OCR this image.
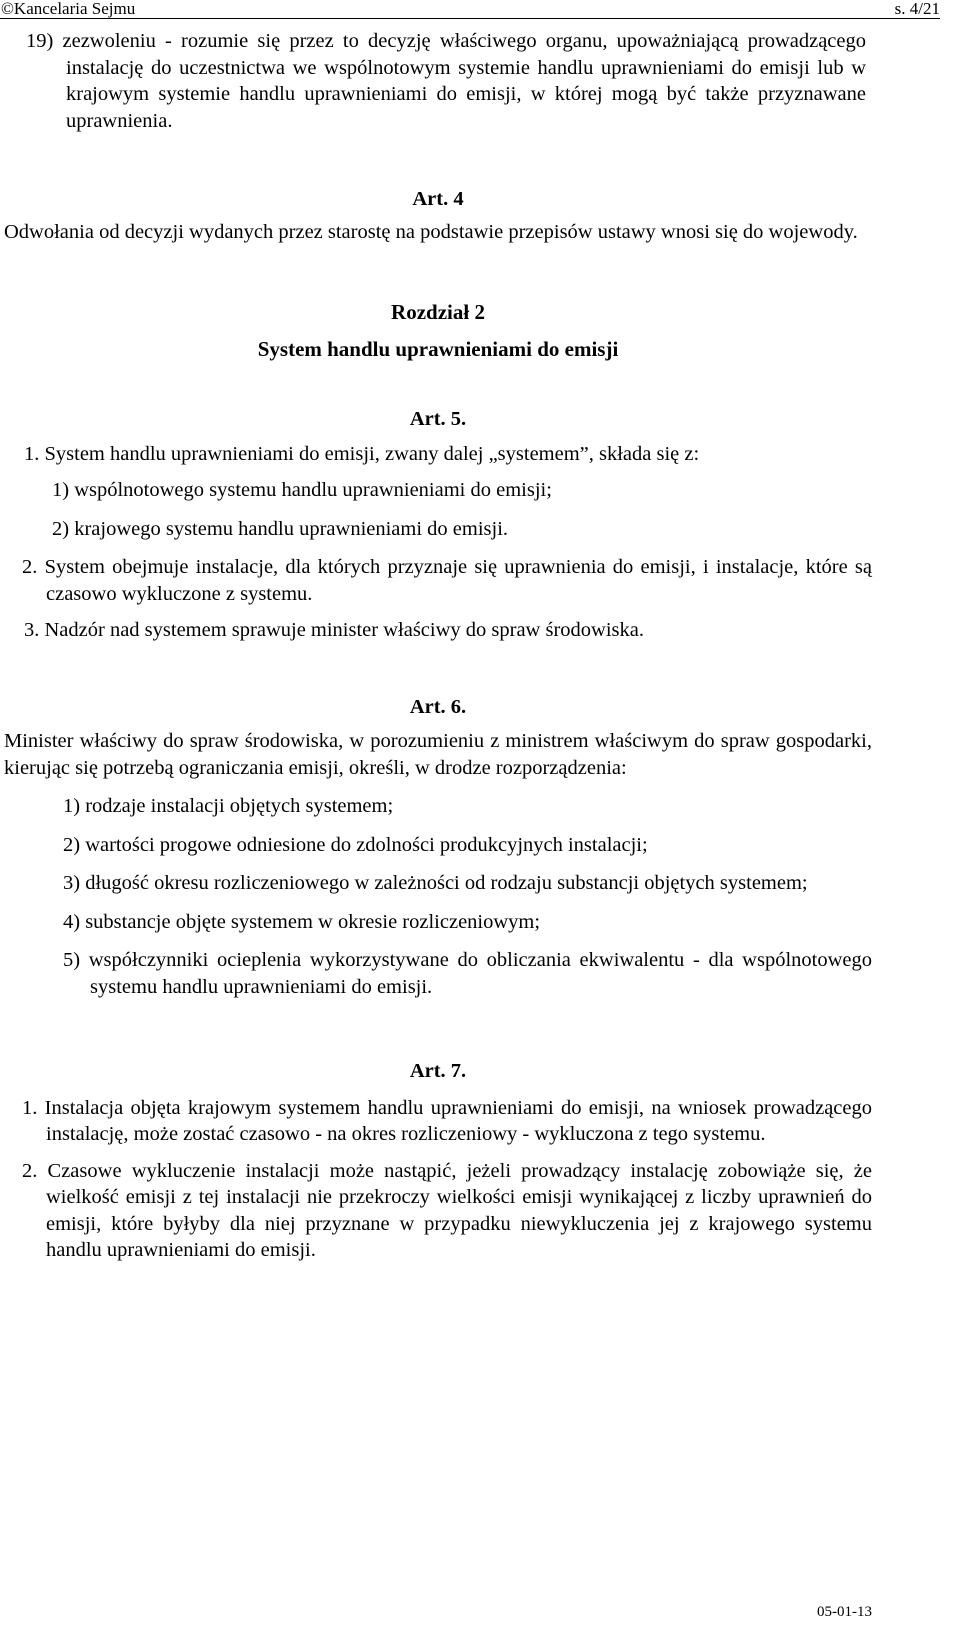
©Kancelaria Sejmu	s. 4/21

19) zezwoleniu - rozumie się przez to decyzję właściwego organu, upoważniającą prowadzącego instalację do uczestnictwa we wspólnotowym systemie handlu uprawnieniami do emisji lub w krajowym systemie handlu uprawnieniami do emisji, w której mogą być także przyznawane uprawnienia.

Art. 4

Odwołania od decyzji wydanych przez starostę na podstawie przepisów ustawy wnosi się do wojewody.

Rozdział 2

System handlu uprawnieniami do emisji

Art. 5.

1. System handlu uprawnieniami do emisji, zwany dalej „systemem”, składa się z:

1) wspólnotowego systemu handlu uprawnieniami do emisji;

2) krajowego systemu handlu uprawnieniami do emisji.

2. System obejmuje instalacje, dla których przyznaje się uprawnienia do emisji, i instalacje, które są czasowo wykluczone z systemu.

3. Nadzór nad systemem sprawuje minister właściwy do spraw środowiska.

Art. 6.

Minister właściwy do spraw środowiska, w porozumieniu z ministrem właściwym do spraw gospodarki, kierując się potrzebą ograniczania emisji, określi, w drodze rozporządzenia:

1) rodzaje instalacji objętych systemem;

2) wartości progowe odniesione do zdolności produkcyjnych instalacji;

3) długość okresu rozliczeniowego w zależności od rodzaju substancji objętych systemem;

4) substancje objęte systemem w okresie rozliczeniowym;

5) współczynniki ocieplenia wykorzystywane do obliczania ekwiwalentu - dla wspólnotowego systemu handlu uprawnieniami do emisji.

Art. 7.

1. Instalacja objęta krajowym systemem handlu uprawnieniami do emisji, na wniosek prowadzącego instalację, może zostać czasowo - na okres rozliczeniowy - wykluczona z tego systemu.

2. Czasowe wykluczenie instalacji może nastąpić, jeżeli prowadzący instalację zobowiąże się, że wielkość emisji z tej instalacji nie przekroczy wielkości emisji wynikającej z liczby uprawnień do emisji, które byłyby dla niej przyznane w przypadku niewykluczenia jej z krajowego systemu handlu uprawnieniami do emisji.

05-01-13
